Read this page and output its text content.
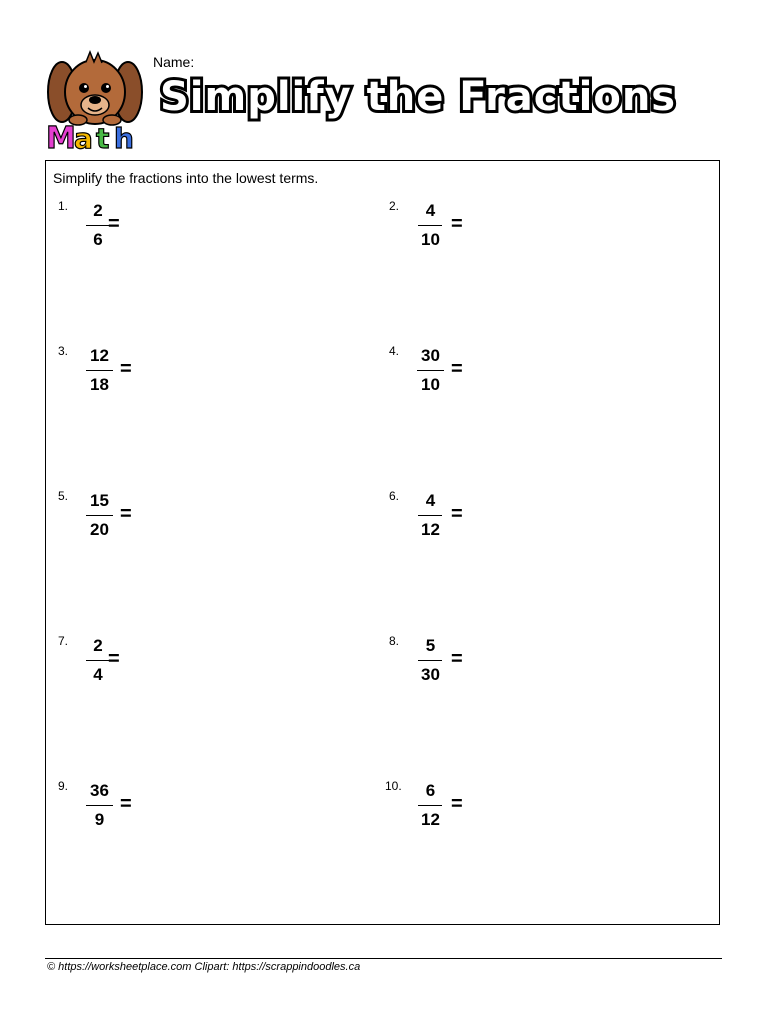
M
a t h
Name:
Simplify the Fractions
Simplify the fractions into the lowest terms.
1. $\frac{2}{6}$
=
2. $\frac{4}{10}$ =
3. $\frac{12}{18}$ =
4. $\frac{30}{10}$ =
5. $\frac{15}{20}$ =
6. $\frac{4}{12}$ =
7. $\frac{2}{4}$
=
8. $\frac{5}{30}$ =
9. $\frac{36}{9}$ =
10. $\frac{6}{12}$ =
© https://worksheetplace.com Clipart: https://scrappindoodles.ca
